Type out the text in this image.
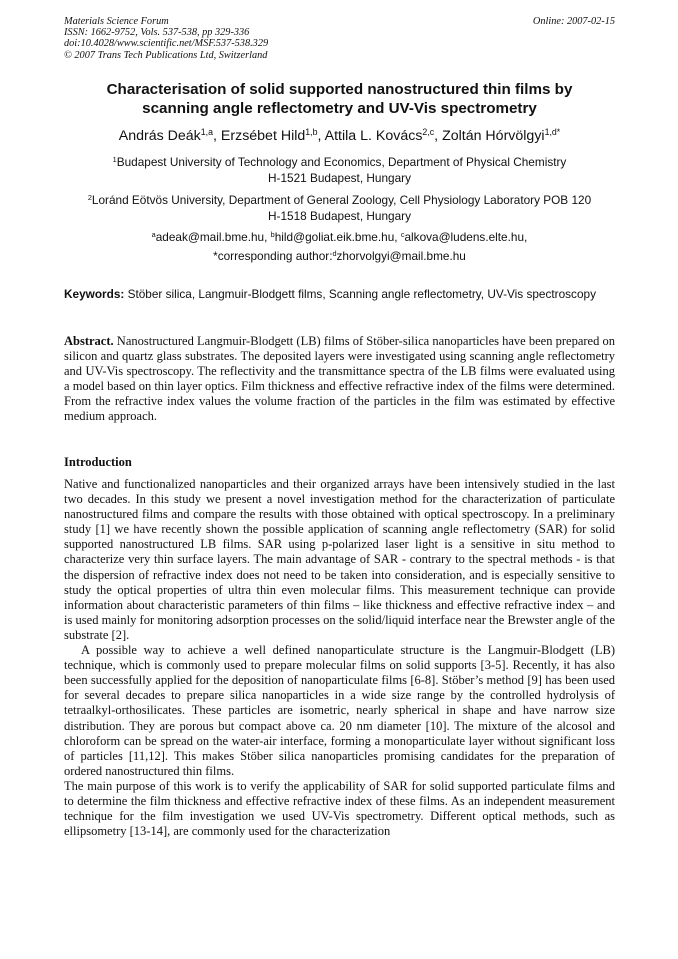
Materials Science Forum
ISSN: 1662-9752, Vols. 537-538, pp 329-336
doi:10.4028/www.scientific.net/MSF.537-538.329
© 2007 Trans Tech Publications Ltd, Switzerland
Online: 2007-02-15
Characterisation of solid supported nanostructured thin films by
scanning angle reflectometry and UV-Vis spectrometry
András Deák$^{1,a}$, Erzsébet Hild$^{1,b}$, Attila L. Kovács$^{2,c}$, Zoltán Hórvölgyi$^{1,d*}$
$^1$Budapest University of Technology and Economics, Department of Physical Chemistry
H-1521 Budapest, Hungary
$^2$Loránd Eötvös University, Department of General Zoology, Cell Physiology Laboratory POB 120
H-1518 Budapest, Hungary
$^a$adeak@mail.bme.hu, $^b$hild@goliat.eik.bme.hu, $^c$alkova@ludens.elte.hu,
*corresponding author:$^d$zhorvolgyi@mail.bme.hu
Keywords: Stöber silica, Langmuir-Blodgett films, Scanning angle reflectometry, UV-Vis spectroscopy
Abstract. Nanostructured Langmuir-Blodgett (LB) films of Stöber-silica nanoparticles have been prepared on silicon and quartz glass substrates. The deposited layers were investigated using scanning angle reflectometry and UV-Vis spectroscopy. The reflectivity and the transmittance spectra of the LB films were evaluated using a model based on thin layer optics. Film thickness and effective refractive index of the films were determined. From the refractive index values the volume fraction of the particles in the film was estimated by effective medium approach.
Introduction

Native and functionalized nanoparticles and their organized arrays have been intensively studied in the last two decades. In this study we present a novel investigation method for the characterization of particulate nanostructured films and compare the results with those obtained with optical spectroscopy. In a preliminary study [1] we have recently shown the possible application of scanning angle reflectometry (SAR) for solid supported nanostructured LB films. SAR using p-polarized laser light is a sensitive in situ method to characterize very thin surface layers. The main advantage of SAR - contrary to the spectral methods - is that the dispersion of refractive index does not need to be taken into consideration, and is especially sensitive to study the optical properties of ultra thin even molecular films. This measurement technique can provide information about characteristic parameters of thin films – like thickness and effective refractive index – and is used mainly for monitoring adsorption processes on the solid/liquid interface near the Brewster angle of the substrate [2].

A possible way to achieve a well defined nanoparticulate structure is the Langmuir-Blodgett (LB) technique, which is commonly used to prepare molecular films on solid supports [3-5]. Recently, it has also been successfully applied for the deposition of nanoparticulate films [6-8]. Stöber’s method [9] has been used for several decades to prepare silica nanoparticles in a wide size range by the controlled hydrolysis of tetraalkyl-orthosilicates. These particles are isometric, nearly spherical in shape and have narrow size distribution. They are porous but compact above ca. 20 nm diameter [10]. The mixture of the alcosol and chloroform can be spread on the water-air interface, forming a monoparticulate layer without significant loss of particles [11,12]. This makes Stöber silica nanoparticles promising candidates for the preparation of ordered nanostructured thin films.

The main purpose of this work is to verify the applicability of SAR for solid supported particulate films and to determine the film thickness and effective refractive index of these films. As an independent measurement technique for the film investigation we used UV-Vis spectrometry. Different optical methods, such as ellipsometry [13-14], are commonly used for the characterization
